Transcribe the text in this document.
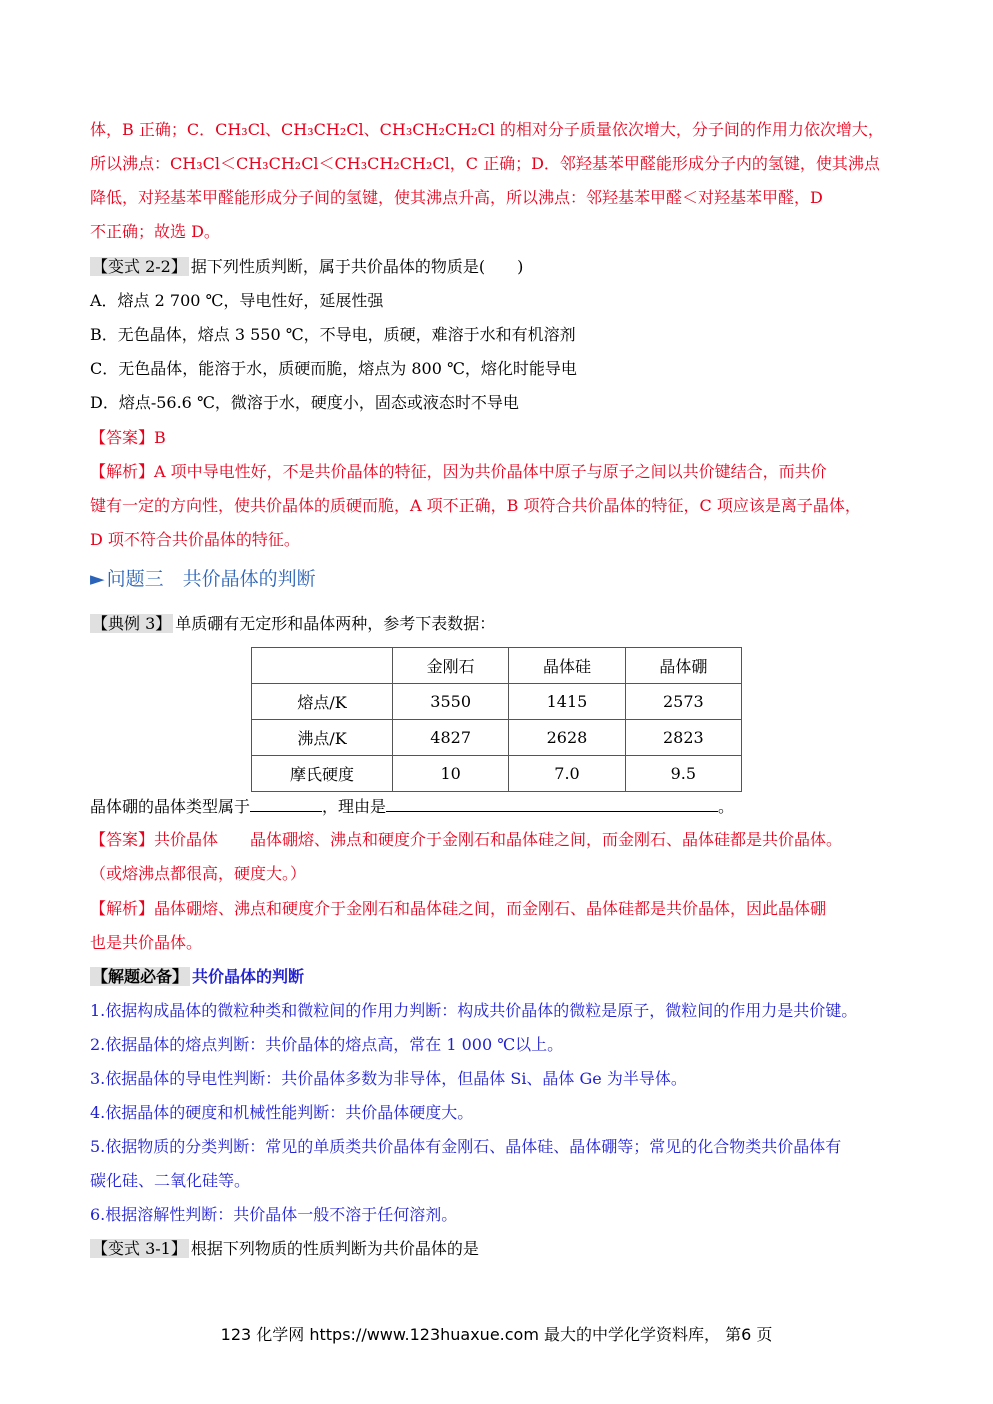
体，B 正确；C．CH₃Cl、CH₃CH₂Cl、CH₃CH₂CH₂Cl 的相对分子质量依次增大，分子间的作用力依次增大，
所以沸点：CH₃Cl＜CH₃CH₂Cl＜CH₃CH₂CH₂Cl，C 正确；D．邻羟基苯甲醛能形成分子内的氢键，使其沸点
降低，对羟基苯甲醛能形成分子间的氢键，使其沸点升高，所以沸点：邻羟基苯甲醛＜对羟基苯甲醛，D
不正确；故选 D。
【变式 2-2】 据下列性质判断，属于共价晶体的物质是(　　)
A．熔点 2 700 ℃，导电性好，延展性强
B．无色晶体，熔点 3 550 ℃，不导电，质硬，难溶于水和有机溶剂
C．无色晶体，能溶于水，质硬而脆，熔点为 800 ℃，熔化时能导电
D．熔点-56.6 ℃，微溶于水，硬度小，固态或液态时不导电
【答案】B
【解析】A 项中导电性好，不是共价晶体的特征，因为共价晶体中原子与原子之间以共价键结合，而共价
键有一定的方向性，使共价晶体的质硬而脆，A 项不正确，B 项符合共价晶体的特征，C 项应该是离子晶体，
D 项不符合共价晶体的特征。
► 问题三　共价晶体的判断
【典例 3】 单质硼有无定形和晶体两种，参考下表数据：
	金刚石	晶体硅	晶体硼
熔点/K	3550	1415	2573
沸点/K	4827	2628	2823
摩氏硬度	10	7.0	9.5
晶体硼的晶体类型属于	，理由是	。
【答案】共价晶体　　晶体硼熔、沸点和硬度介于金刚石和晶体硅之间，而金刚石、晶体硅都是共价晶体。
（或熔沸点都很高，硬度大。）
【解析】晶体硼熔、沸点和硬度介于金刚石和晶体硅之间，而金刚石、晶体硅都是共价晶体，因此晶体硼
也是共价晶体。
【解题必备】 共价晶体的判断
1.依据构成晶体的微粒种类和微粒间的作用力判断：构成共价晶体的微粒是原子，微粒间的作用力是共价键。
2.依据晶体的熔点判断：共价晶体的熔点高，常在 1 000 ℃以上。
3.依据晶体的导电性判断：共价晶体多数为非导体，但晶体 Si、晶体 Ge 为半导体。
4.依据晶体的硬度和机械性能判断：共价晶体硬度大。
5.依据物质的分类判断：常见的单质类共价晶体有金刚石、晶体硅、晶体硼等；常见的化合物类共价晶体有
碳化硅、二氧化硅等。
6.根据溶解性判断：共价晶体一般不溶于任何溶剂。
【变式 3-1】 根据下列物质的性质判断为共价晶体的是
123 化学网 https://www.123huaxue.com 最大的中学化学资料库， 第6 页
